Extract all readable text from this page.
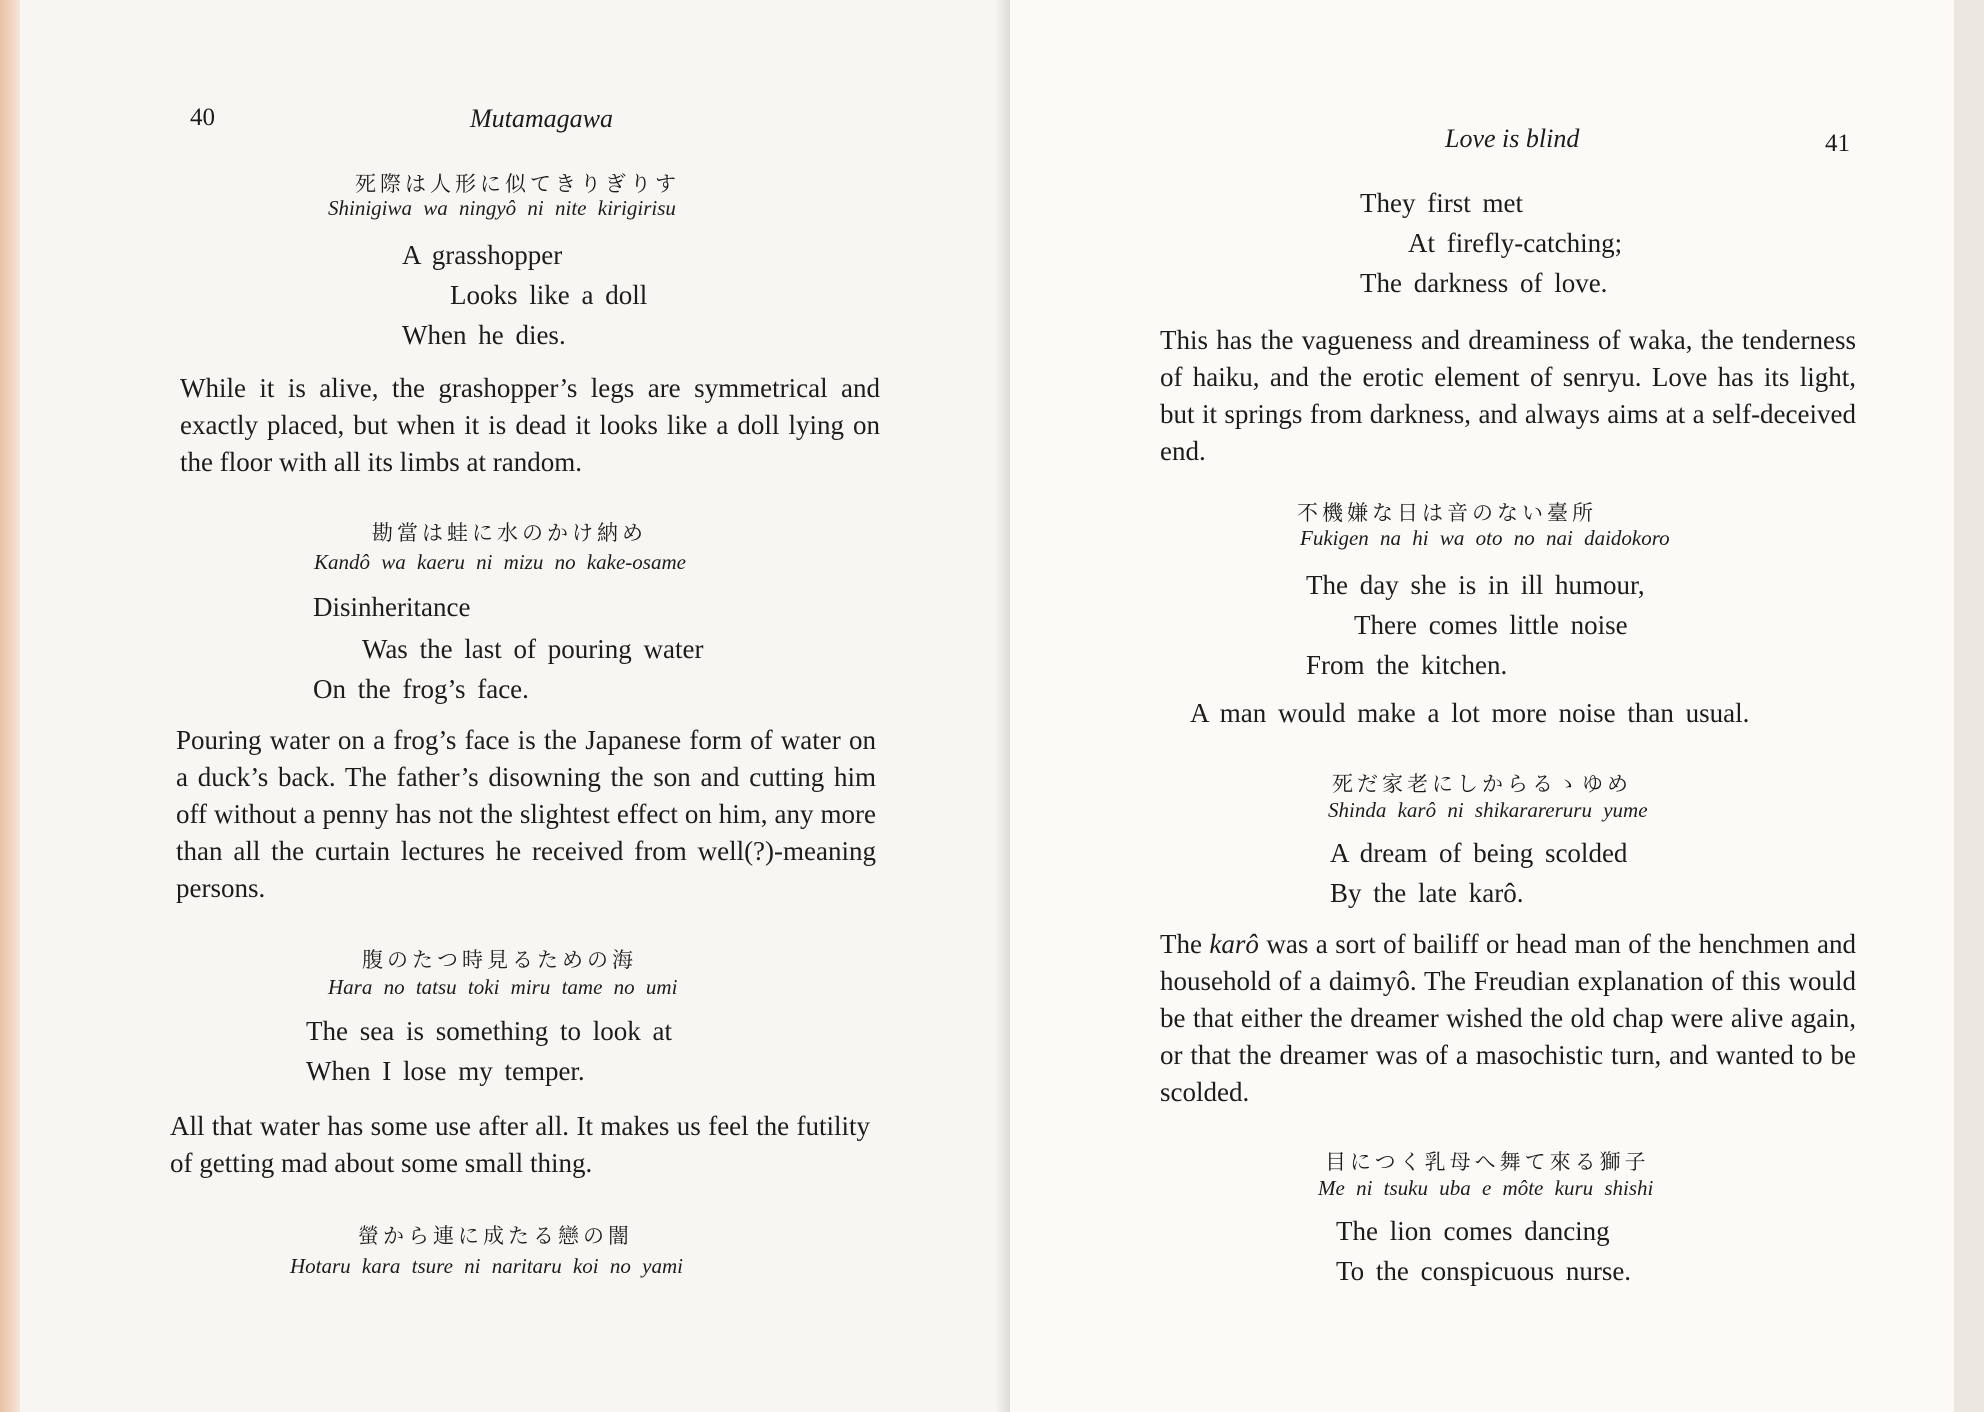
40	Mutamagawa
死際は人形に似てきりぎりす
Shinigiwa wa ningyô ni nite kirigirisu
A grasshopper
Looks like a doll
When he dies.

While it is alive, the grashopper’s legs are symmetrical and exactly placed, but when it is dead it looks like a doll lying on the floor with all its limbs at random.

勘當は蛙に水のかけ納め
Kandô wa kaeru ni mizu no kake-osame
Disinheritance
Was the last of pouring water
On the frog’s face.

Pouring water on a frog’s face is the Japanese form of water on a duck’s back. The father’s disowning the son and cutting him off without a penny has not the slightest effect on him, any more than all the curtain lectures he received from well(?)-meaning persons.

腹のたつ時見るための海
Hara no tatsu toki miru tame no umi
The sea is something to look at
When I lose my temper.

All that water has some use after all. It makes us feel the futility of getting mad about some small thing.

螢から連に成たる戀の闇
Hotaru kara tsure ni naritaru koi no yami
Love is blind	41
They first met
At firefly-catching;
The darkness of love.

This has the vagueness and dreaminess of waka, the tenderness of haiku, and the erotic element of senryu. Love has its light, but it springs from darkness, and always aims at a self-deceived end.

不機嫌な日は音のない臺所
Fukigen na hi wa oto no nai daidokoro
The day she is in ill humour,
There comes little noise
From the kitchen.
A man would make a lot more noise than usual.
死だ家老にしからるゝゆめ
Shinda karô ni shikarareruru yume
A dream of being scolded
By the late karô.

The karô was a sort of bailiff or head man of the henchmen and household of a daimyô. The Freudian explanation of this would be that either the dreamer wished the old chap were alive again, or that the dreamer was of a masochistic turn, and wanted to be scolded.

目につく乳母へ舞て來る獅子
Me ni tsuku uba e môte kuru shishi
The lion comes dancing
To the conspicuous nurse.
